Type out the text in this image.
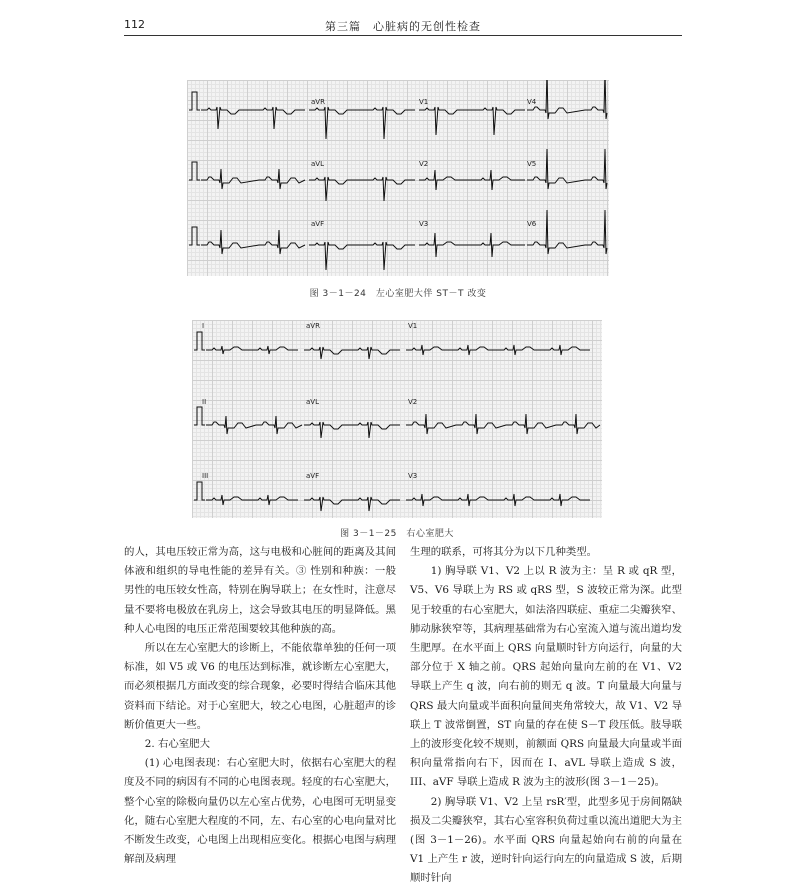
112	第三篇　心脏病的无创性检查
aVR	V1	V4
aVL	V2	V5
aVF	V3	V6
图 3－1－24　左心室肥大伴 ST－T 改变
I	aVR	V1
II	aVL	V2
III	aVF	V3
图 3－1－25　右心室肥大

的人，其电压较正常为高，这与电极和心脏间的距离及其间体液和组织的导电性能的差异有关。③ 性别和种族：一般男性的电压较女性高，特别在胸导联上；在女性时，注意尽量不要将电极放在乳房上，这会导致其电压的明显降低。黑种人心电图的电压正常范围要较其他种族的高。

所以在左心室肥大的诊断上，不能依靠单独的任何一项标准，如 V5 或 V6 的电压达到标准，就诊断左心室肥大，而必须根据几方面改变的综合现象，必要时得结合临床其他资料而下结论。对于心室肥大，较之心电图，心脏超声的诊断价值更大一些。

2. 右心室肥大

(1) 心电图表现：右心室肥大时，依据右心室肥大的程度及不同的病因有不同的心电图表现。轻度的右心室肥大，整个心室的除极向量仍以左心室占优势，心电图可无明显变化，随右心室肥大程度的不同，左、右心室的心电向量对比不断发生改变，心电图上出现相应变化。根据心电图与病理解剖及病理

生理的联系，可将其分为以下几种类型。

1) 胸导联 V1、V2 上以 R 波为主：呈 R 或 qR 型，V5、V6 导联上为 RS 或 qRS 型，S 波较正常为深。此型见于较重的右心室肥大，如法洛四联症、重症二尖瓣狭窄、肺动脉狭窄等，其病理基础常为右心室流入道与流出道均发生肥厚。在水平面上 QRS 向量顺时针方向运行，向量的大部分位于 X 轴之前。QRS 起始向量向左前的在 V1、V2 导联上产生 q 波，向右前的则无 q 波。T 向量最大向量与 QRS 最大向量或半面积向量间夹角常较大，故 V1、V2 导联上 T 波常倒置，ST 向量的存在使 S－T 段压低。肢导联上的波形变化较不规则，前额面 QRS 向量最大向量或半面积向量常指向右下，因而在 I、aVL 导联上造成 S 波，III、aVF 导联上造成 R 波为主的波形(图 3－1－25)。

2) 胸导联 V1、V2 上呈 rsR′型，此型多见于房间隔缺损及二尖瓣狭窄，其右心室容积负荷过重以流出道肥大为主(图 3－1－26)。水平面 QRS 向量起始向右前的向量在 V1 上产生 r 波，逆时针向运行向左的向量造成 S 波，后期顺时针向
